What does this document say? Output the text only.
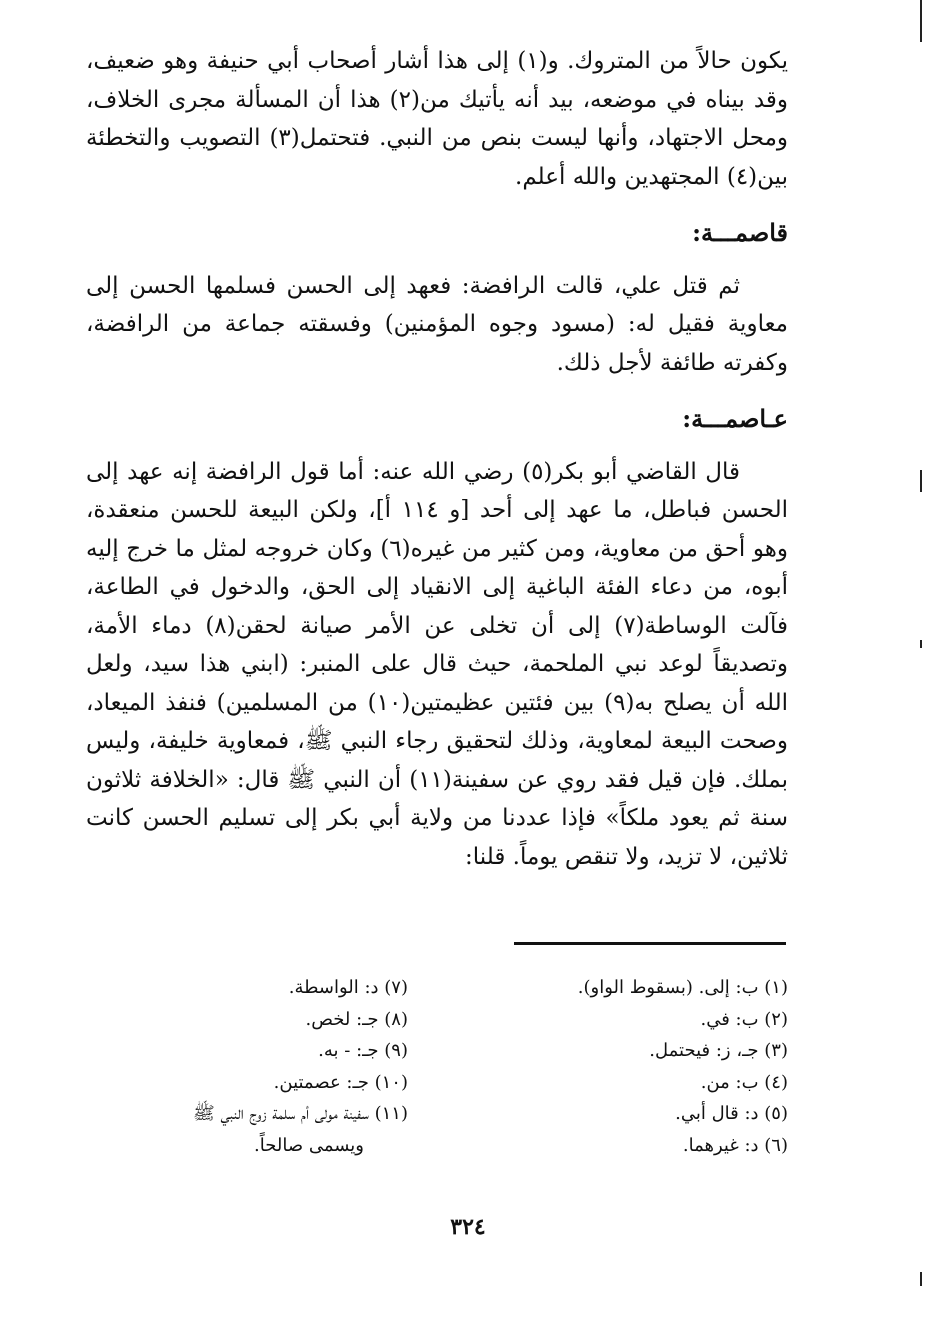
يكون حالاً من المتروك. و(١) إلى هذا أشار أصحاب أبي حنيفة وهو ضعيف، وقد بيناه في موضعه، بيد أنه يأتيك من(٢) هذا أن المسألة مجرى الخلاف، ومحل الاجتهاد، وأنها ليست بنص من النبي. فتحتمل(٣) التصويب والتخطئة بين(٤) المجتهدين والله أعلم.

قاصمـــة:

ثم قتل علي، قالت الرافضة: فعهد إلى الحسن فسلمها الحسن إلى معاوية فقيل له: (مسود وجوه المؤمنين) وفسقته جماعة من الرافضة، وكفرته طائفة لأجل ذلك.

عـاصمـــة:

قال القاضي أبو بكر(٥) رضي الله عنه: أما قول الرافضة إنه عهد إلى الحسن فباطل، ما عهد إلى أحد [و ١١٤ أ]، ولكن البيعة للحسن منعقدة، وهو أحق من معاوية، ومن كثير من غيره(٦) وكان خروجه لمثل ما خرج إليه أبوه، من دعاء الفئة الباغية إلى الانقياد إلى الحق، والدخول في الطاعة، فآلت الوساطة(٧) إلى أن تخلى عن الأمر صيانة لحقن(٨) دماء الأمة، وتصديقاً لوعد نبي الملحمة، حيث قال على المنبر: (ابني هذا سيد، ولعل الله أن يصلح به(٩) بين فئتين عظيمتين(١٠) من المسلمين) فنفذ الميعاد، وصحت البيعة لمعاوية، وذلك لتحقيق رجاء النبي ﷺ، فمعاوية خليفة، وليس بملك. فإن قيل فقد روي عن سفينة(١١) أن النبي ﷺ قال: «الخلافة ثلاثون سنة ثم يعود ملكاً» فإذا عددنا من ولاية أبي بكر إلى تسليم الحسن كانت ثلاثين، لا تزيد، ولا تنقص يوماً. قلنا:

(١) ب: إلى. (بسقوط الواو).
(٢) ب: في.
(٣) جـ، ز: فيحتمل.
(٤) ب: من.
(٥) د: قال أبي.
(٦) د: غيرهما.
(٧) د: الواسطة.
(٨) جـ: لخص.
(٩) جـ: - به.
(١٠) جـ: عصمتين.
(١١) سفينة مولى أم سلمة زوج النبي ﷺ
ويسمى صالحاً.
٣٢٤
